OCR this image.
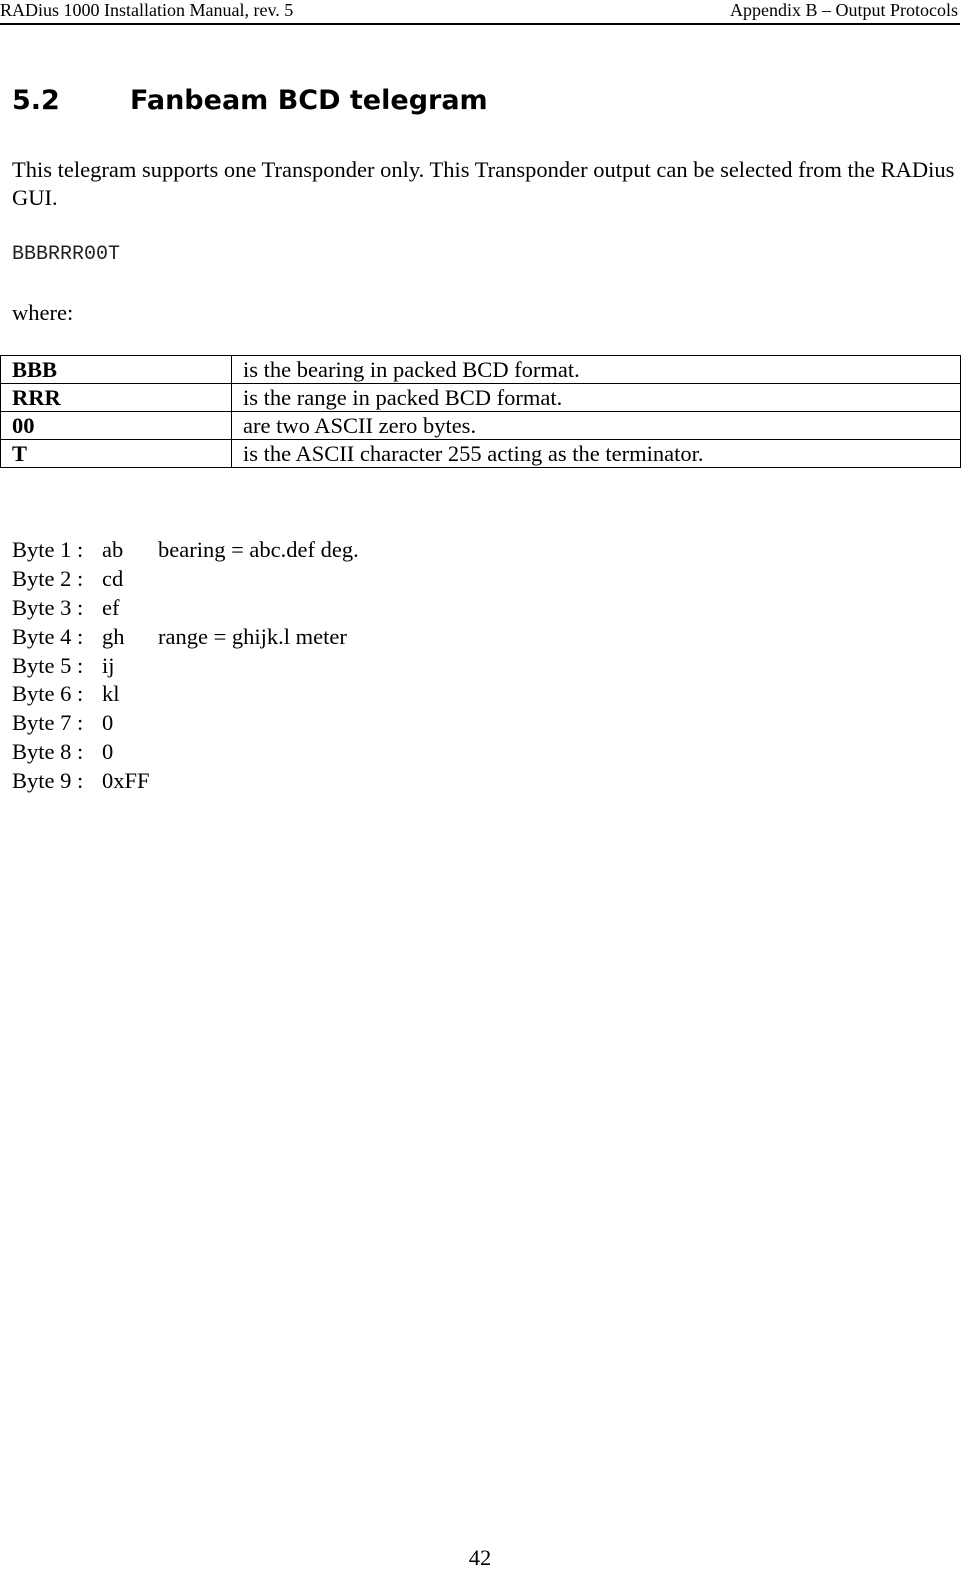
RADius 1000 Installation Manual, rev. 5	Appendix B – Output Protocols
5.2	Fanbeam BCD telegram
This telegram supports one Transponder only. This Transponder output can be selected from the RADius GUI.
BBBRRR00T
where:
BBB	is the bearing in packed BCD format.
RRR	is the range in packed BCD format.
00	are two ASCII zero bytes.
T	is the ASCII character 255 acting as the terminator.
Byte 1 : ab bearing = abc.def deg.
Byte 2 : cd
Byte 3 : ef
Byte 4 : gh range = ghijk.l meter
Byte 5 : ij
Byte 6 : kl
Byte 7 : 0
Byte 8 : 0
Byte 9 : 0xFF
42
